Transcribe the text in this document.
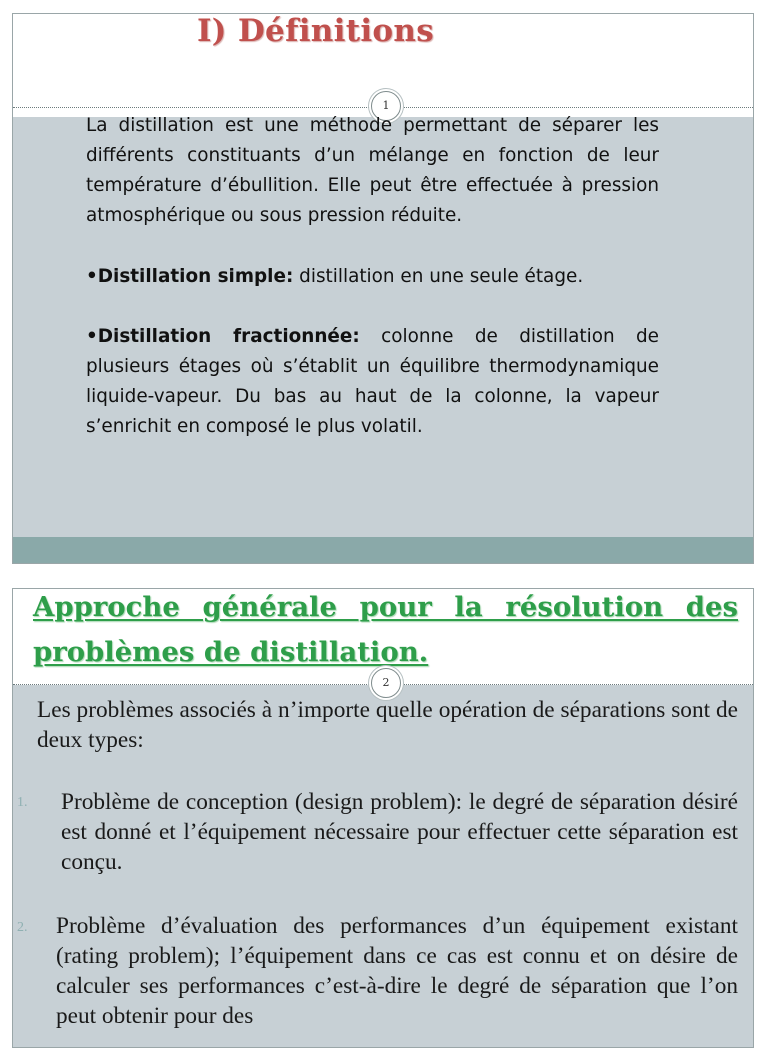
I) Définitions
1

La distillation est une méthode permettant de séparer les différents constituants d’un mélange en fonction de leur température d’ébullition. Elle peut être effectuée à pression atmosphérique ou sous pression réduite.

•Distillation simple: distillation en une seule étage.

•Distillation fractionnée: colonne de distillation de plusieurs étages où s’établit un équilibre thermodynamique liquide-vapeur. Du bas au haut de la colonne, la vapeur s’enrichit en composé le plus volatil.

Approche générale pour la résolution des problèmes de distillation.
2

Les problèmes associés à n’importe quelle opération de séparations sont de deux types:

1. Problème de conception (design problem): le degré de séparation désiré est donné et l’équipement nécessaire pour effectuer cette séparation est conçu.

2. Problème d’évaluation des performances d’un équipement existant (rating problem); l’équipement dans ce cas est connu et on désire de calculer ses performances c’est-à-dire le degré de séparation que l’on peut obtenir pour des
